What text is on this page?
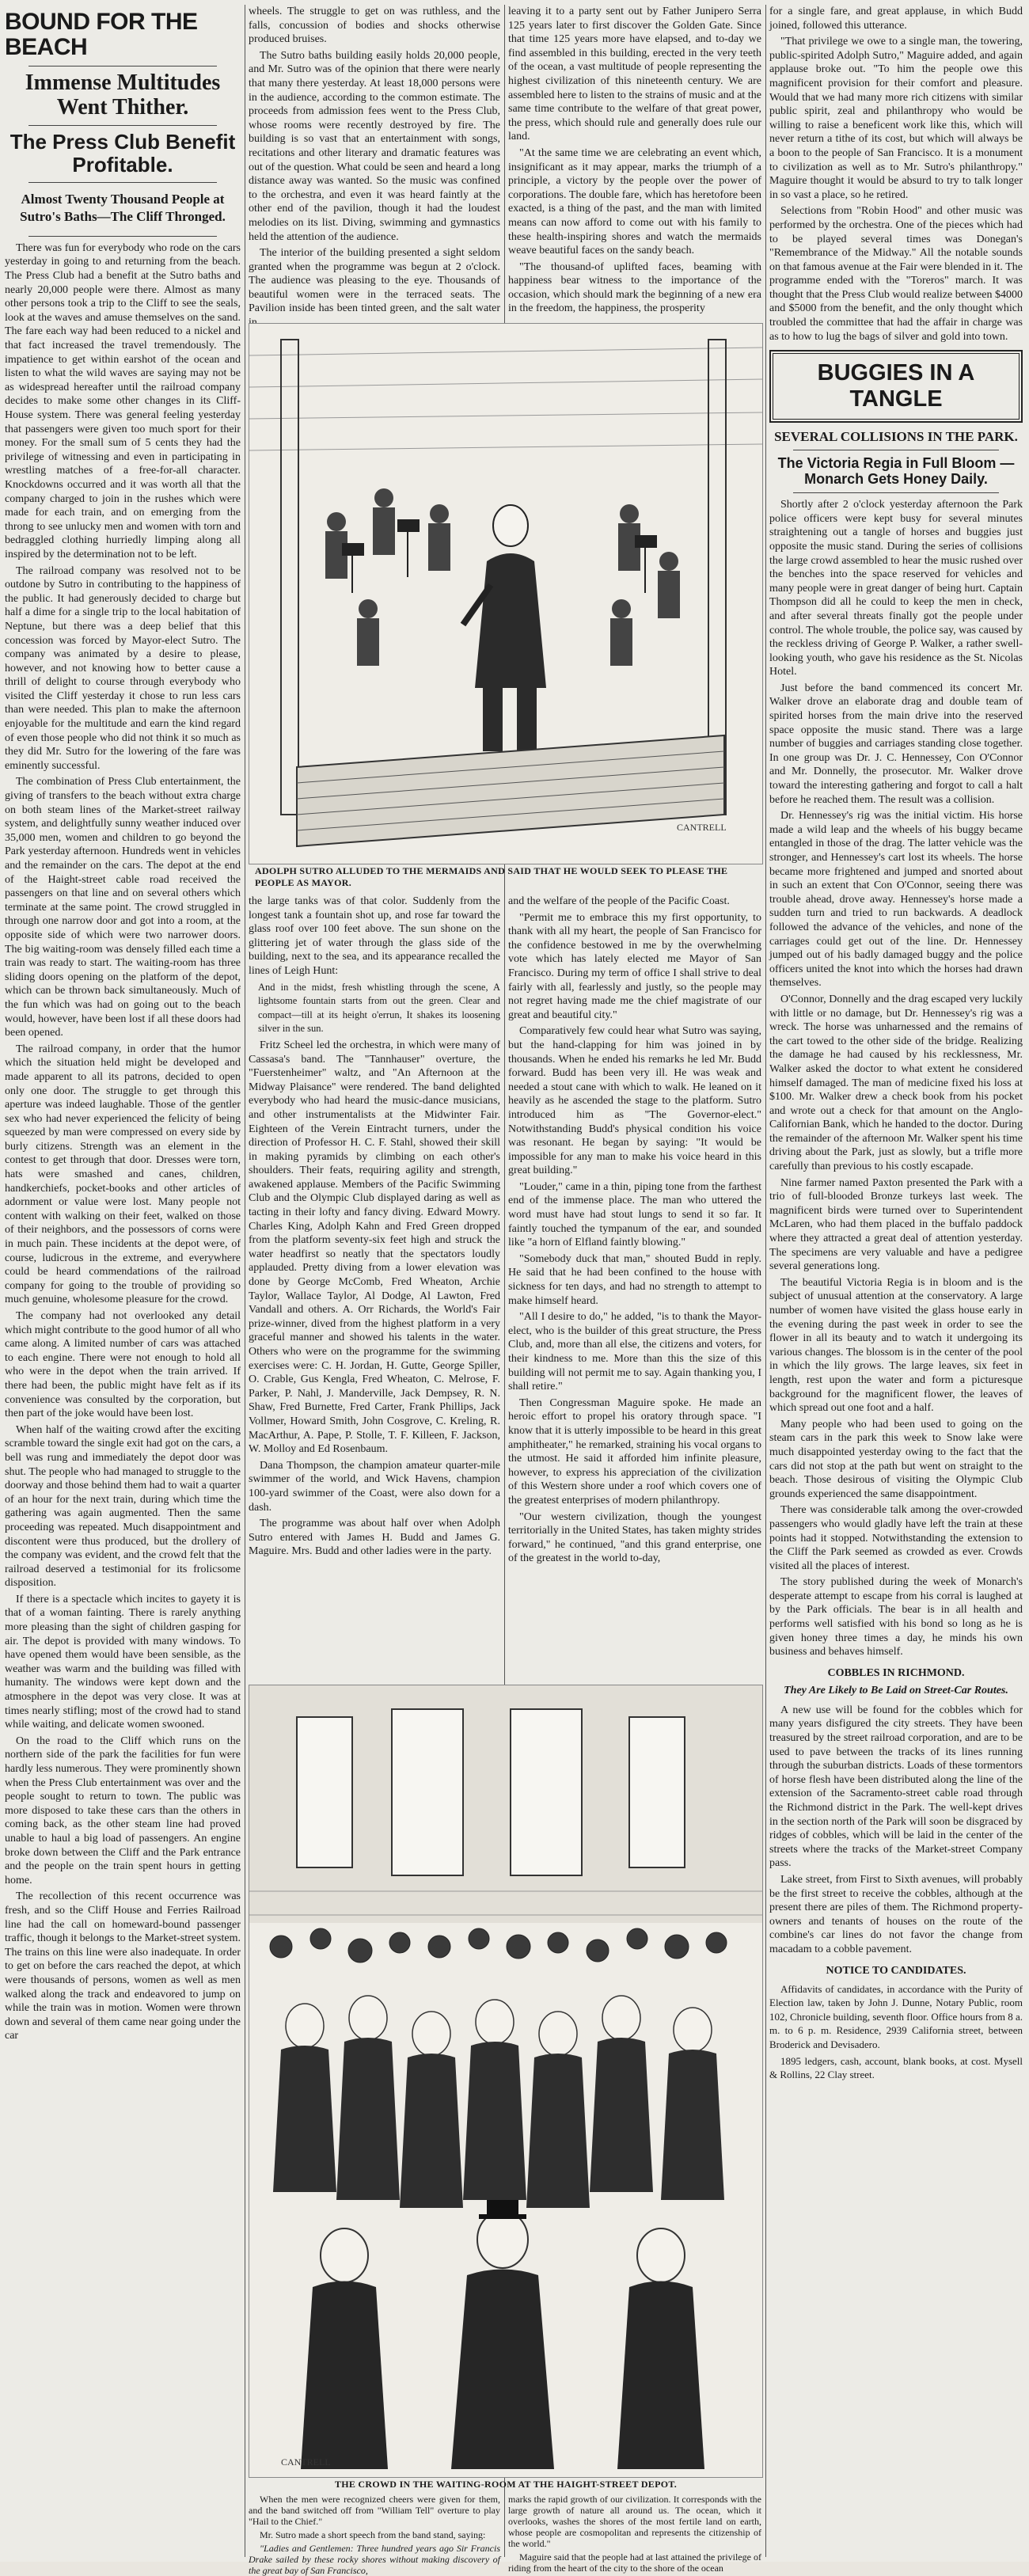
BOUND FOR THE BEACH
Immense Multitudes Went Thither.
The Press Club Benefit Profitable.
Almost Twenty Thousand People at Sutro's Baths—The Cliff Thronged.

There was fun for everybody who rode on the cars yesterday in going to and returning from the beach. The Press Club had a benefit at the Sutro baths and nearly 20,000 people were there. Almost as many other persons took a trip to the Cliff to see the seals, look at the waves and amuse themselves on the sand. The fare each way had been reduced to a nickel and that fact increased the travel tremendously. The impatience to get within earshot of the ocean and listen to what the wild waves are saying may not be as widespread hereafter until the railroad company decides to make some other changes in its Cliff-House system. There was general feeling yesterday that passengers were given too much sport for their money. For the small sum of 5 cents they had the privilege of witnessing and even in participating in wrestling matches of a free-for-all character. Knockdowns occurred and it was worth all that the company charged to join in the rushes which were made for each train, and on emerging from the throng to see unlucky men and women with torn and bedraggled clothing hurriedly limping along all inspired by the determination not to be left.

The railroad company was resolved not to be outdone by Sutro in contributing to the happiness of the public. It had generously decided to charge but half a dime for a single trip to the local habitation of Neptune, but there was a deep belief that this concession was forced by Mayor-elect Sutro. The company was animated by a desire to please, however, and not knowing how to better cause a thrill of delight to course through everybody who visited the Cliff yesterday it chose to run less cars than were needed. This plan to make the afternoon enjoyable for the multitude and earn the kind regard of even those people who did not think it so much as they did Mr. Sutro for the lowering of the fare was eminently successful.

The combination of Press Club entertainment, the giving of transfers to the beach without extra charge on both steam lines of the Market-street railway system, and delightfully sunny weather induced over 35,000 men, women and children to go beyond the Park yesterday afternoon. Hundreds went in vehicles and the remainder on the cars. The depot at the end of the Haight-street cable road received the passengers on that line and on several others which terminate at the same point. The crowd struggled in through one narrow door and got into a room, at the opposite side of which were two narrower doors. The big waiting-room was densely filled each time a train was ready to start. The waiting-room has three sliding doors opening on the platform of the depot, which can be thrown back simultaneously. Much of the fun which was had on going out to the beach would, however, have been lost if all these doors had been opened.

The railroad company, in order that the humor which the situation held might be developed and made apparent to all its patrons, decided to open only one door. The struggle to get through this aperture was indeed laughable. Those of the gentler sex who had never experienced the felicity of being squeezed by man were compressed on every side by burly citizens. Strength was an element in the contest to get through that door. Dresses were torn, hats were smashed and canes, children, handkerchiefs, pocket-books and other articles of adornment or value were lost. Many people not content with walking on their feet, walked on those of their neighbors, and the possessors of corns were in much pain. These incidents at the depot were, of course, ludicrous in the extreme, and everywhere could be heard commendations of the railroad company for going to the trouble of providing so much genuine, wholesome pleasure for the crowd.

The company had not overlooked any detail which might contribute to the good humor of all who came along. A limited number of cars was attached to each engine. There were not enough to hold all who were in the depot when the train arrived. If there had been, the public might have felt as if its convenience was consulted by the corporation, but then part of the joke would have been lost.

When half of the waiting crowd after the exciting scramble toward the single exit had got on the cars, a bell was rung and immediately the depot door was shut. The people who had managed to struggle to the doorway and those behind them had to wait a quarter of an hour for the next train, during which time the gathering was again augmented. Then the same proceeding was repeated. Much disappointment and discontent were thus produced, but the drollery of the company was evident, and the crowd felt that the railroad deserved a testimonial for its frolicsome disposition.

If there is a spectacle which incites to gayety it is that of a woman fainting. There is rarely anything more pleasing than the sight of children gasping for air. The depot is provided with many windows. To have opened them would have been sensible, as the weather was warm and the building was filled with humanity. The windows were kept down and the atmosphere in the depot was very close. It was at times nearly stifling; most of the crowd had to stand while waiting, and delicate women swooned.

On the road to the Cliff which runs on the northern side of the park the facilities for fun were hardly less numerous. They were prominently shown when the Press Club entertainment was over and the people sought to return to town. The public was more disposed to take these cars than the others in coming back, as the other steam line had proved unable to haul a big load of passengers. An engine broke down between the Cliff and the Park entrance and the people on the train spent hours in getting home.

The recollection of this recent occurrence was fresh, and so the Cliff House and Ferries Railroad line had the call on homeward-bound passenger traffic, though it belongs to the Market-street system. The trains on this line were also inadequate. In order to get on before the cars reached the depot, at which were thousands of persons, women as well as men walked along the track and endeavored to jump on while the train was in motion. Women were thrown down and several of them came near going under the car

wheels. The struggle to get on was ruthless, and the falls, concussion of bodies and shocks otherwise produced bruises.

The Sutro baths building easily holds 20,000 people, and Mr. Sutro was of the opinion that there were nearly that many there yesterday. At least 18,000 persons were in the audience, according to the common estimate. The proceeds from admission fees went to the Press Club, whose rooms were recently destroyed by fire. The building is so vast that an entertainment with songs, recitations and other literary and dramatic features was out of the question. What could be seen and heard a long distance away was wanted. So the music was confined to the orchestra, and even it was heard faintly at the other end of the pavilion, though it had the loudest melodies on its list. Diving, swimming and gymnastics held the attention of the audience.

The interior of the building presented a sight seldom granted when the programme was begun at 2 o'clock. The audience was pleasing to the eye. Thousands of beautiful women were in the terraced seats. The Pavilion inside has been tinted green, and the salt water

leaving it to a party sent out by Father Junipero Serra 125 years later to first discover the Golden Gate. Since that time 125 years more have elapsed, and to-day we find assembled in this building, erected in the very teeth of the ocean, a vast multitude of people representing the highest civilization of this nineteenth century. We are assembled here to listen to the strains of music and at the same time contribute to the welfare of that great power, the press, which should rule and generally does rule our land.

"At the same time we are celebrating an event which, insignificant as it may appear, marks the triumph of a principle, a victory by the people over the power of corporations. The double fare, which has heretofore been exacted, is a thing of the past, and the man with limited means can now afford to come out with his family to these health-inspiring shores and watch the mermaids weave beautiful faces on the sandy beach.

"The thousand-of uplifted faces, beaming with happiness bear witness to the importance of the occasion, which should mark the beginning of a new era in the freedom, the happiness, the prosperity

CANTRELL
ADOLPH SUTRO ALLUDED TO THE MERMAIDS AND SAID THAT HE WOULD SEEK TO PLEASE THE PEOPLE AS MAYOR.

the large tanks was of that color. Suddenly from the longest tank a fountain shot up, and rose far toward the glass roof over 100 feet above. The sun shone on the glittering jet of water through the glass side of the building, next to the sea, and its appearance recalled the lines of Leigh Hunt:

And in the midst, fresh whistling through the scene, A lightsome fountain starts from out the green. Clear and compact—till at its height o'errun, It shakes its loosening silver in the sun.

Fritz Scheel led the orchestra, in which were many of Cassasa's band. The "Tannhauser" overture, the "Fuerstenheimer" waltz, and "An Afternoon at the Midway Plaisance" were rendered. The band delighted everybody who had heard the music-dance musicians, and other instrumentalists at the Midwinter Fair. Eighteen of the Verein Eintracht turners, under the direction of Professor H. C. F. Stahl, showed their skill in making pyramids by climbing on each other's shoulders. Their feats, requiring agility and strength, awakened applause. Members of the Pacific Swimming Club and the Olympic Club displayed daring as well as tacting in their lofty and fancy diving. Edward Mowry. Charles King, Adolph Kahn and Fred Green dropped from the platform seventy-six feet high and struck the water headfirst so neatly that the spectators loudly applauded. Pretty diving from a lower elevation was done by George McComb, Fred Wheaton, Archie Taylor, Wallace Taylor, Al Dodge, Al Lawton, Fred Vandall and others. A. Orr Richards, the World's Fair prize-winner, dived from the highest platform in a very graceful manner and showed his talents in the water. Others who were on the programme for the swimming exercises were: C. H. Jordan, H. Gutte, George Spiller, O. Crable, Gus Kengla, Fred Wheaton, C. Melrose, F. Parker, P. Nahl, J. Manderville, Jack Dempsey, R. N. Shaw, Fred Burnette, Fred Carter, Frank Phillips, Jack Vollmer, Howard Smith, John Cosgrove, C. Kreling, R. MacArthur, A. Pape, P. Stolle, T. F. Killeen, F. Jackson, W. Molloy and Ed Rosenbaum.

Dana Thompson, the champion amateur quarter-mile swimmer of the world, and Wick Havens, champion 100-yard swimmer of the Coast, were also down for a dash.

The programme was about half over when Adolph Sutro entered with James H. Budd and James G. Maguire. Mrs. Budd and other ladies were in the party.

and the welfare of the people of the Pacific Coast.

"Permit me to embrace this my first opportunity, to thank with all my heart, the people of San Francisco for the confidence bestowed in me by the overwhelming vote which has lately elected me Mayor of San Francisco. During my term of office I shall strive to deal fairly with all, fearlessly and justly, so the people may not regret having made me the chief magistrate of our great and beautiful city."

Comparatively few could hear what Sutro was saying, but the hand-clapping for him was joined in by thousands. When he ended his remarks he led Mr. Budd forward. Budd has been very ill. He was weak and needed a stout cane with which to walk. He leaned on it heavily as he ascended the stage to the platform. Sutro introduced him as "The Governor-elect." Notwithstanding Budd's physical condition his voice was resonant. He began by saying: "It would be impossible for any man to make his voice heard in this great building."

"Louder," came in a thin, piping tone from the farthest end of the immense place. The man who uttered the word must have had stout lungs to send it so far. It faintly touched the tympanum of the ear, and sounded like "a horn of Elfland faintly blowing."

"Somebody duck that man," shouted Budd in reply. He said that he had been confined to the house with sickness for ten days, and had no strength to attempt to make himself heard.

"All I desire to do," he added, "is to thank the Mayor-elect, who is the builder of this great structure, the Press Club, and, more than all else, the citizens and voters, for their kindness to me. More than this the size of this building will not permit me to say. Again thanking you, I shall retire."

Then Congressman Maguire spoke. He made an heroic effort to propel his oratory through space. "I know that it is utterly impossible to be heard in this great amphitheater," he remarked, straining his vocal organs to the utmost. He said it afforded him infinite pleasure, however, to express his appreciation of the civilization of this Western shore under a roof which covers one of the greatest enterprises of modern philanthropy.

"Our western civilization, though the youngest territorially in the United States, has taken mighty strides forward," he continued, "and this grand enterprise, one of the greatest in the world to-day,

CANTRELL
THE CROWD IN THE WAITING-ROOM AT THE HAIGHT-STREET DEPOT.

When the men were recognized cheers were given for them, and the band switched off from "William Tell" overture to play "Hail to the Chief."

Mr. Sutro made a short speech from the band stand, saying:

"Ladies and Gentlemen: Three hundred years ago Sir Francis Drake sailed by these rocky shores without making discovery of the great bay of San Francisco,

marks the rapid growth of our civilization. It corresponds with the large growth of nature all around us. The ocean, which it overlooks, washes the shores of the most fertile land on earth, whose people are cosmopolitan and represents the citizenship of the world."

Maguire said that the people had at last attained the privilege of riding from the heart of the city to the shore of the ocean

for a single fare, and great applause, in which Budd joined, followed this utterance.

"That privilege we owe to a single man, the towering, public-spirited Adolph Sutro," Maguire added, and again applause broke out. "To him the people owe this magnificent provision for their comfort and pleasure. Would that we had many more rich citizens with similar public spirit, zeal and philanthropy who would be willing to raise a beneficent work like this, which will never return a tithe of its cost, but which will always be a boon to the people of San Francisco. It is a monument to civilization as well as to Mr. Sutro's philanthropy." Maguire thought it would be absurd to try to talk longer in so vast a place, so he retired.

Selections from "Robin Hood" and other music was performed by the orchestra. One of the pieces which had to be played several times was Donegan's "Remembrance of the Midway." All the notable sounds on that famous avenue at the Fair were blended in it. The programme ended with the "Toreros" march. It was thought that the Press Club would realize between $4000 and $5000 from the benefit, and the only thought which troubled the committee that had the affair in charge was as to how to lug the bags of silver and gold into town.

BUGGIES IN A TANGLE
SEVERAL COLLISIONS IN THE PARK.
The Victoria Regia in Full Bloom —Monarch Gets Honey Daily.

Shortly after 2 o'clock yesterday afternoon the Park police officers were kept busy for several minutes straightening out a tangle of horses and buggies just opposite the music stand. During the series of collisions the large crowd assembled to hear the music rushed over the benches into the space reserved for vehicles and many people were in great danger of being hurt. Captain Thompson did all he could to keep the men in check, and after several threats finally got the people under control. The whole trouble, the police say, was caused by the reckless driving of George P. Walker, a rather swell-looking youth, who gave his residence as the St. Nicolas Hotel.

Just before the band commenced its concert Mr. Walker drove an elaborate drag and double team of spirited horses from the main drive into the reserved space opposite the music stand. There was a large number of buggies and carriages standing close together. In one group was Dr. J. C. Hennessey, Con O'Connor and Mr. Donnelly, the prosecutor. Mr. Walker drove toward the interesting gathering and forgot to call a halt before he reached them. The result was a collision.

Dr. Hennessey's rig was the initial victim. His horse made a wild leap and the wheels of his buggy became entangled in those of the drag. The latter vehicle was the stronger, and Hennessey's cart lost its wheels. The horse became more frightened and jumped and snorted about in such an extent that Con O'Connor, seeing there was trouble ahead, drove away. Hennessey's horse made a sudden turn and tried to run backwards. A deadlock followed the advance of the vehicles, and none of the carriages could get out of the line. Dr. Hennessey jumped out of his badly damaged buggy and the police officers united the knot into which the horses had drawn themselves.

O'Connor, Donnelly and the drag escaped very luckily with little or no damage, but Dr. Hennessey's rig was a wreck. The horse was unharnessed and the remains of the cart towed to the other side of the bridge. Realizing the damage he had caused by his recklessness, Mr. Walker asked the doctor to what extent he considered himself damaged. The man of medicine fixed his loss at $100. Mr. Walker drew a check book from his pocket and wrote out a check for that amount on the Anglo-Californian Bank, which he handed to the doctor. During the remainder of the afternoon Mr. Walker spent his time driving about the Park, just as slowly, but a trifle more carefully than previous to his costly escapade.

Nine farmer named Paxton presented the Park with a trio of full-blooded Bronze turkeys last week. The magnificent birds were turned over to Superintendent McLaren, who had them placed in the buffalo paddock where they attracted a great deal of attention yesterday. The specimens are very valuable and have a pedigree several generations long.

The beautiful Victoria Regia is in bloom and is the subject of unusual attention at the conservatory. A large number of women have visited the glass house early in the evening during the past week in order to see the flower in all its beauty and to watch it undergoing its various changes. The blossom is in the center of the pool in which the lily grows. The large leaves, six feet in length, rest upon the water and form a picturesque background for the magnificent flower, the leaves of which spread out one foot and a half.

Many people who had been used to going on the steam cars in the park this week to Snow lake were much disappointed yesterday owing to the fact that the cars did not stop at the path but went on straight to the beach. Those desirous of visiting the Olympic Club grounds experienced the same disappointment.

There was considerable talk among the over-crowded passengers who would gladly have left the train at these points had it stopped. Notwithstanding the extension to the Cliff the Park seemed as crowded as ever. Crowds visited all the places of interest.

The story published during the week of Monarch's desperate attempt to escape from his corral is laughed at by the Park officials. The bear is in all health and performs well satisfied with his bond so long as he is given honey three times a day, he minds his own business and behaves himself.

COBBLES IN RICHMOND.
They Are Likely to Be Laid on Street-Car Routes.

A new use will be found for the cobbles which for many years disfigured the city streets. They have been treasured by the street railroad corporation, and are to be used to pave between the tracks of its lines running through the suburban districts. Loads of these tormentors of horse flesh have been distributed along the line of the extension of the Sacramento-street cable road through the Richmond district in the Park. The well-kept drives in the section north of the Park will soon be disgraced by ridges of cobbles, which will be laid in the center of the streets where the tracks of the Market-street Company pass.

Lake street, from First to Sixth avenues, will probably be the first street to receive the cobbles, although at the present there are piles of them. The Richmond property-owners and tenants of houses on the route of the combine's car lines do not favor the change from macadam to a cobble pavement.

NOTICE TO CANDIDATES.

Affidavits of candidates, in accordance with the Purity of Election law, taken by John J. Dunne, Notary Public, room 102, Chronicle building, seventh floor. Office hours from 8 a. m. to 6 p. m. Residence, 2939 California street, between Broderick and Devisadero.

1895 ledgers, cash, account, blank books, at cost. Mysell & Rollins, 22 Clay street.
